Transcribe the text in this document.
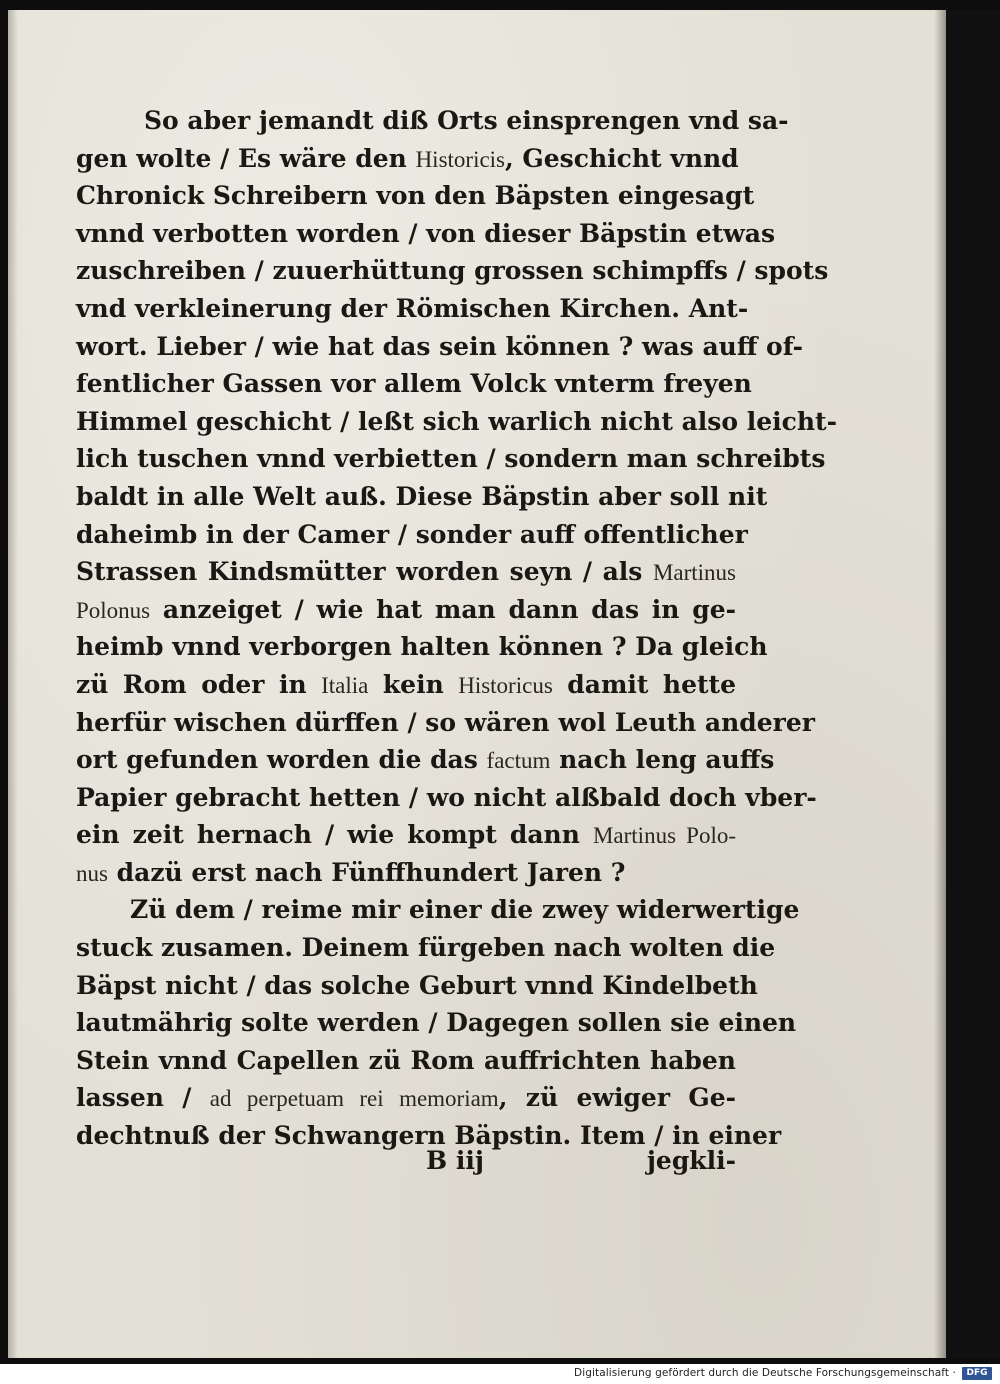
So aber jemandt diß Orts einsprengen vnd sa-
gen wolte / Es wäre den Historicis, Geschicht vnnd
Chronick Schreibern von den Bäpsten eingesagt
vnnd verbotten worden / von dieser Bäpstin etwas
zuschreiben / zuuerhüttung grossen schimpffs / spots
vnd verkleinerung der Römischen Kirchen. Ant-
wort. Lieber / wie hat das sein können ? was auff of-
fentlicher Gassen vor allem Volck vnterm freyen
Himmel geschicht / leßt sich warlich nicht also leicht-
lich tuschen vnnd verbietten / sondern man schreibts
baldt in alle Welt auß. Diese Bäpstin aber soll nit
daheimb in der Camer / sonder auff offentlicher
Strassen Kindsmütter worden seyn / als Martinus
Polonus anzeiget / wie hat man dann das in ge-
heimb vnnd verborgen halten können ? Da gleich
zü Rom oder in Italia kein Historicus damit hette
herfür wischen dürffen / so wären wol Leuth anderer
ort gefunden worden die das factum nach leng auffs
Papier gebracht hetten / wo nicht alßbald doch vber-
ein zeit hernach / wie kompt dann Martinus Polo-
nus dazü erst nach Fünffhundert Jaren ?
Zü dem / reime mir einer die zwey widerwertige
stuck zusamen. Deinem fürgeben nach wolten die
Bäpst nicht / das solche Geburt vnnd Kindelbeth
lautmährig solte werden / Dagegen sollen sie einen
Stein vnnd Capellen zü Rom auffrichten haben
lassen / ad perpetuam rei memoriam, zü ewiger Ge-
dechtnuß der Schwangern Bäpstin. Item / in einer
B iij	jegkli-
Digitalisierung gefördert durch die Deutsche Forschungsgemeinschaft ·	DFG
